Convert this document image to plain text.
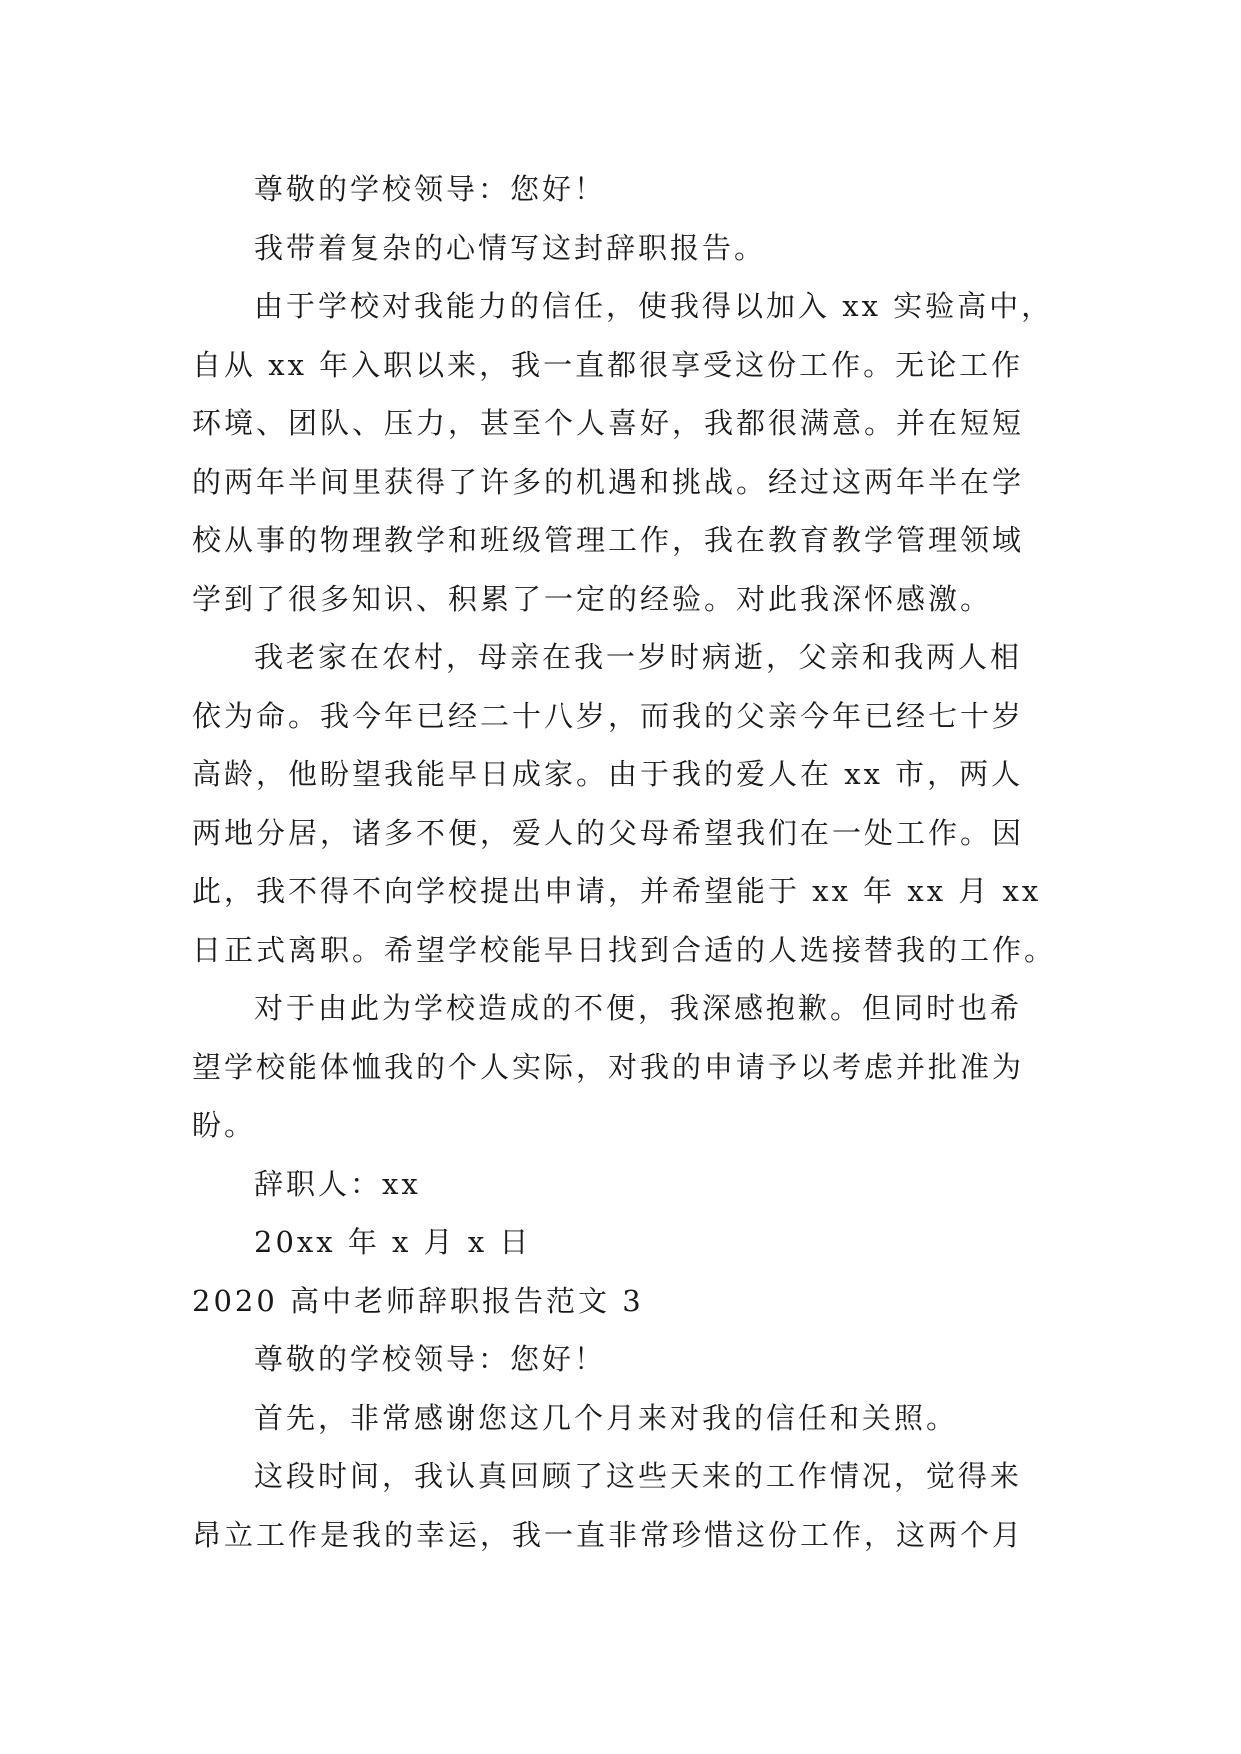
尊敬的学校领导：您好！
我带着复杂的心情写这封辞职报告。
由于学校对我能力的信任，使我得以加入 xx 实验高中，
自从 xx 年入职以来，我一直都很享受这份工作。无论工作
环境、团队、压力，甚至个人喜好，我都很满意。并在短短
的两年半间里获得了许多的机遇和挑战。经过这两年半在学
校从事的物理教学和班级管理工作，我在教育教学管理领域
学到了很多知识、积累了一定的经验。对此我深怀感激。
我老家在农村，母亲在我一岁时病逝，父亲和我两人相
依为命。我今年已经二十八岁，而我的父亲今年已经七十岁
高龄，他盼望我能早日成家。由于我的爱人在 xx 市，两人
两地分居，诸多不便，爱人的父母希望我们在一处工作。因
此，我不得不向学校提出申请，并希望能于 xx 年 xx 月 xx
日正式离职。希望学校能早日找到合适的人选接替我的工作。
对于由此为学校造成的不便，我深感抱歉。但同时也希
望学校能体恤我的个人实际，对我的申请予以考虑并批准为
盼。
辞职人：xx
20xx 年 x 月 x 日
2020 高中老师辞职报告范文 3
尊敬的学校领导：您好！
首先，非常感谢您这几个月来对我的信任和关照。
这段时间，我认真回顾了这些天来的工作情况，觉得来
昂立工作是我的幸运，我一直非常珍惜这份工作，这两个月
